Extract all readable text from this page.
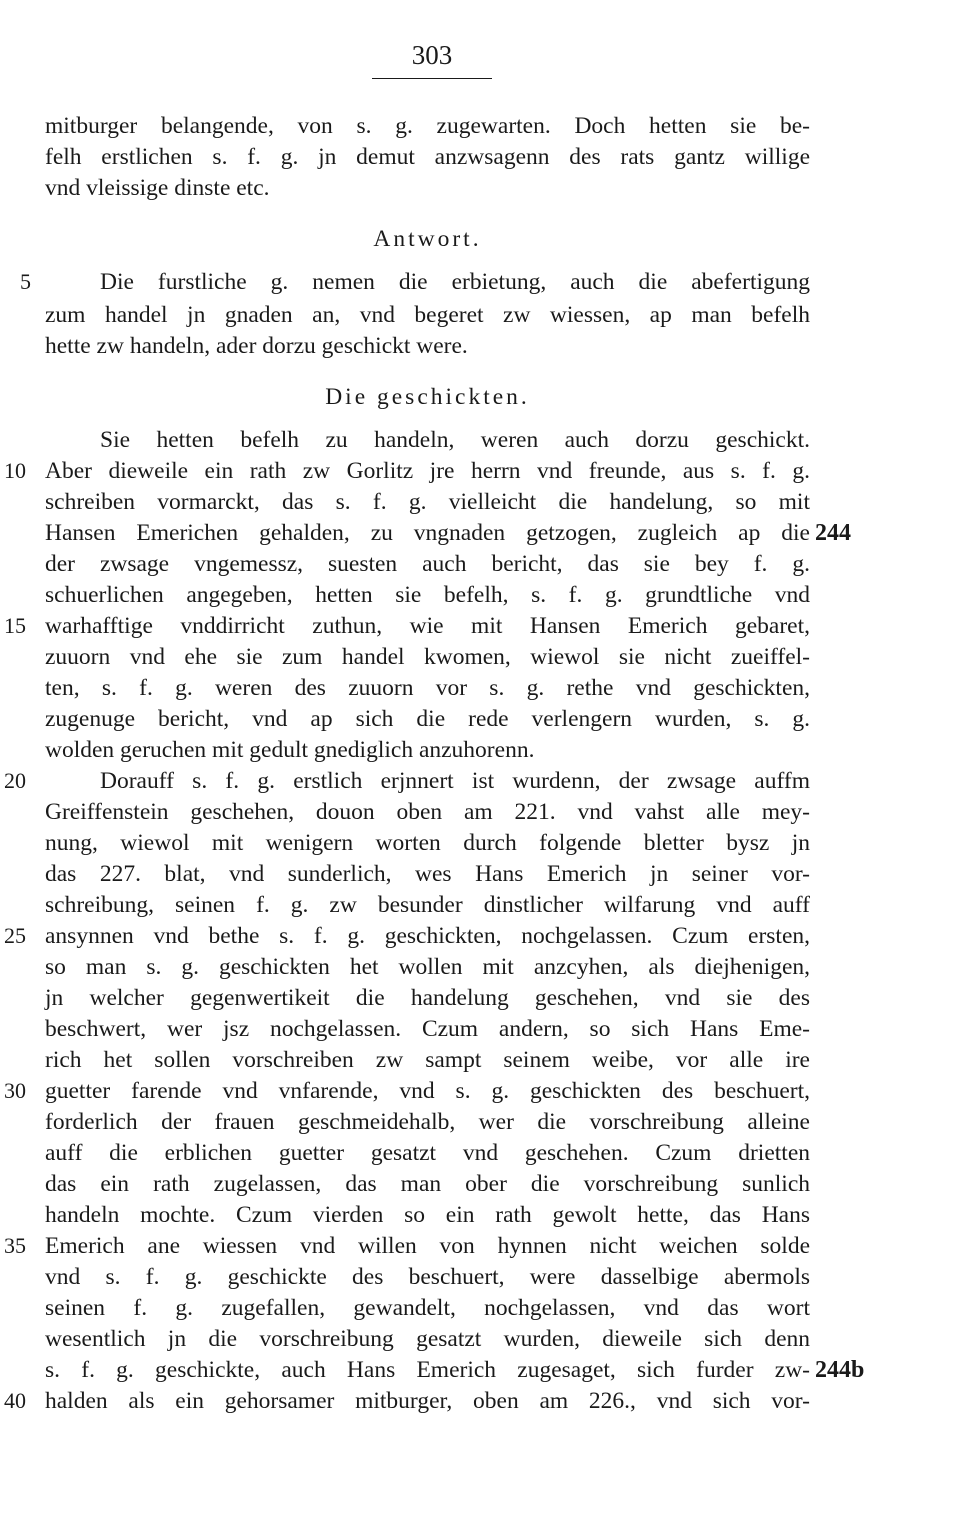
303
mitburger belangende, von s. g. zugewarten. Doch hetten sie be-
felh erstlichen s. f. g. jn demut anzwsagenn des rats gantz willige
vnd vleissige dinste etc.
Antwort.
Die furstliche g. nemen die erbietung, auch die abefertigung
zum handel jn gnaden an, vnd begeret zw wiessen, ap man befelh
hette zw handeln, ader dorzu geschickt were.
Die geschickten.
Sie hetten befelh zu handeln, weren auch dorzu geschickt.
Aber dieweile ein rath zw Gorlitz jre herrn vnd freunde, aus s. f. g.
schreiben vormarckt, das s. f. g. vielleicht die handelung, so mit
Hansen Emerichen gehalden, zu vngnaden getzogen, zugleich ap die
der zwsage vngemessz, suesten auch bericht, das sie bey f. g.
schuerlichen angegeben, hetten sie befelh, s. f. g. grundtliche vnd
warhafftige vnddirricht zuthun, wie mit Hansen Emerich gebaret,
zuuorn vnd ehe sie zum handel kwomen, wiewol sie nicht zueiffel-
ten, s. f. g. weren des zuuorn vor s. g. rethe vnd geschickten,
zugenuge bericht, vnd ap sich die rede verlengern wurden, s. g.
wolden geruchen mit gedult gnediglich anzuhorenn.
Dorauff s. f. g. erstlich erjnnert ist wurdenn, der zwsage auffm
Greiffenstein geschehen, douon oben am 221. vnd vahst alle mey-
nung, wiewol mit wenigern worten durch folgende bletter bysz jn
das 227. blat, vnd sunderlich, wes Hans Emerich jn seiner vor-
schreibung, seinen f. g. zw besunder dinstlicher wilfarung vnd auff
ansynnen vnd bethe s. f. g. geschickten, nochgelassen. Czum ersten,
so man s. g. geschickten het wollen mit anzcyhen, als diejhenigen,
jn welcher gegenwertikeit die handelung geschehen, vnd sie des
beschwert, wer jsz nochgelassen. Czum andern, so sich Hans Eme-
rich het sollen vorschreiben zw sampt seinem weibe, vor alle ire
guetter farende vnd vnfarende, vnd s. g. geschickten des beschuert,
forderlich der frauen geschmeidehalb, wer die vorschreibung alleine
auff die erblichen guetter gesatzt vnd geschehen. Czum drietten
das ein rath zugelassen, das man ober die vorschreibung sunlich
handeln mochte. Czum vierden so ein rath gewolt hette, das Hans
Emerich ane wiessen vnd willen von hynnen nicht weichen solde
vnd s. f. g. geschickte des beschuert, were dasselbige abermols
seinen f. g. zugefallen, gewandelt, nochgelassen, vnd das wort
wesentlich jn die vorschreibung gesatzt wurden, dieweile sich denn
s. f. g. geschickte, auch Hans Emerich zugesaget, sich furder zw-
halden als ein gehorsamer mitburger, oben am 226., vnd sich vor-
5
10
15
20
25
30
35
40
244
244b
